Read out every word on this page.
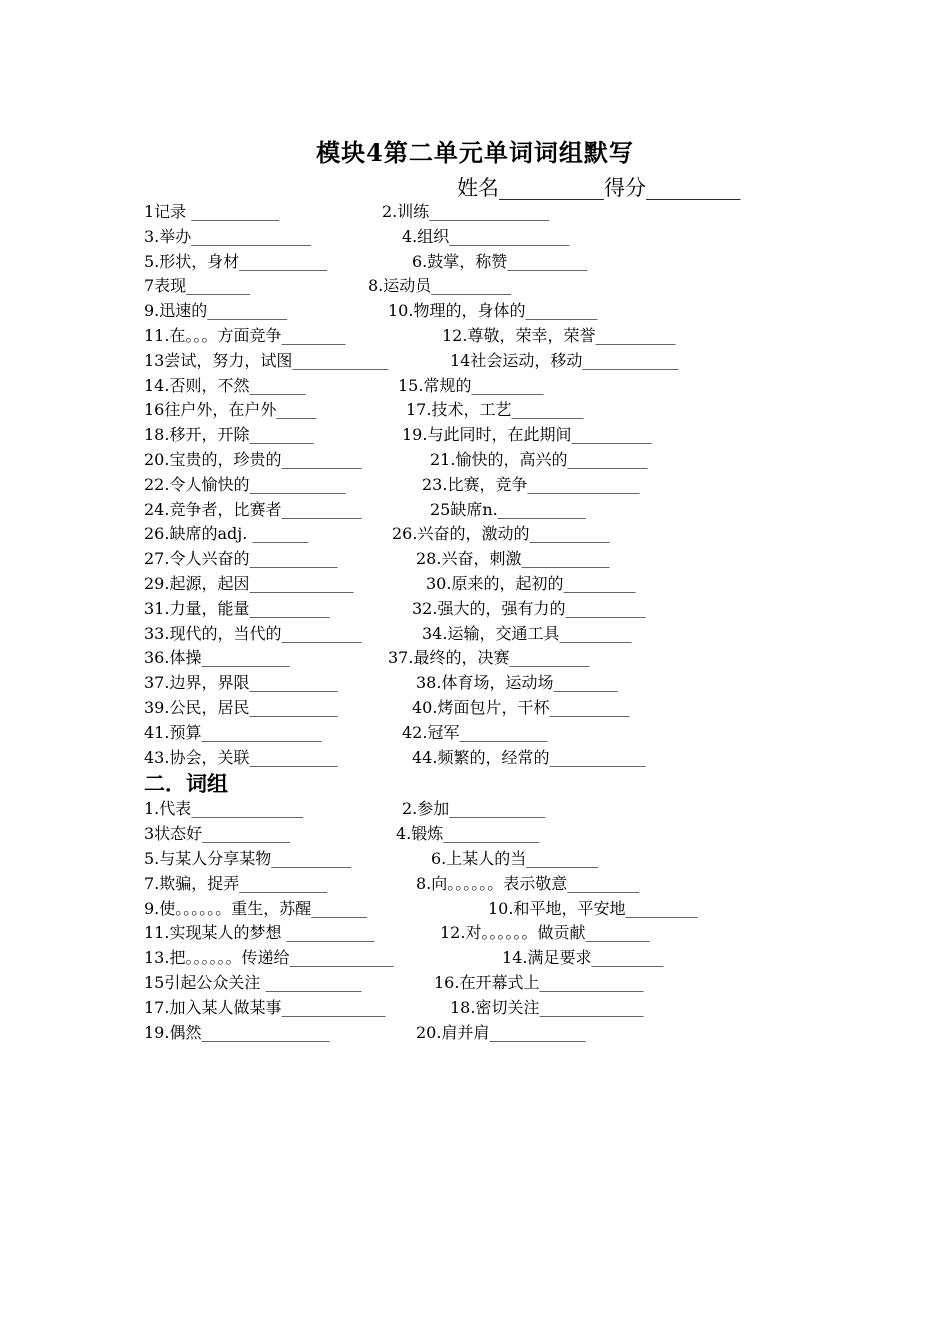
模块4第二单元单词词组默写
姓名__________得分_________
1记录 ___________	2.训练_______________
3.举办_______________	4.组织_______________
5.形状，身材___________	6.鼓掌，称赞__________
7表现________	8.运动员__________
9.迅速的__________	10.物理的，身体的_________
11.在。。。方面竞争________	12.尊敬，荣幸，荣誉__________
13尝试，努力，试图____________	14社会运动，移动____________
14.否则，不然_______	15.常规的_________
16往户外，在户外_____	17.技术，工艺_________
18.移开，开除________	19.与此同时，在此期间__________
20.宝贵的，珍贵的__________	21.愉快的，高兴的__________
22.令人愉快的____________	23.比赛，竞争______________
24.竞争者，比赛者__________	25缺席n.___________
26.缺席的adj. _______	26.兴奋的，激动的__________
27.令人兴奋的___________	28.兴奋，刺激___________
29.起源，起因_____________	30.原来的，起初的_________
31.力量，能量__________	32.强大的，强有力的__________
33.现代的，当代的__________	34.运输，交通工具_________
36.体操___________	37.最终的，决赛__________
37.边界，界限___________	38.体育场，运动场________
39.公民，居民___________	40.烤面包片，干杯__________
41.预算_______________	42.冠军___________
43.协会，关联___________	44.频繁的，经常的____________
二．词组
1.代表______________	2.参加____________
3状态好___________	4.锻炼____________
5.与某人分享某物__________	6.上某人的当_________
7.欺骗，捉弄___________	8.向。。。。。。表示敬意_________
9.使。。。。。。重生，苏醒_______	10.和平地，平安地_________
11.实现某人的梦想 ___________	12.对。。。。。。做贡献________
13.把。。。。。。传递给_____________	14.满足要求_________
15引起公众关注 ____________	16.在开幕式上_____________
17.加入某人做某事_____________	18.密切关注_____________
19.偶然________________	20.肩并肩____________
